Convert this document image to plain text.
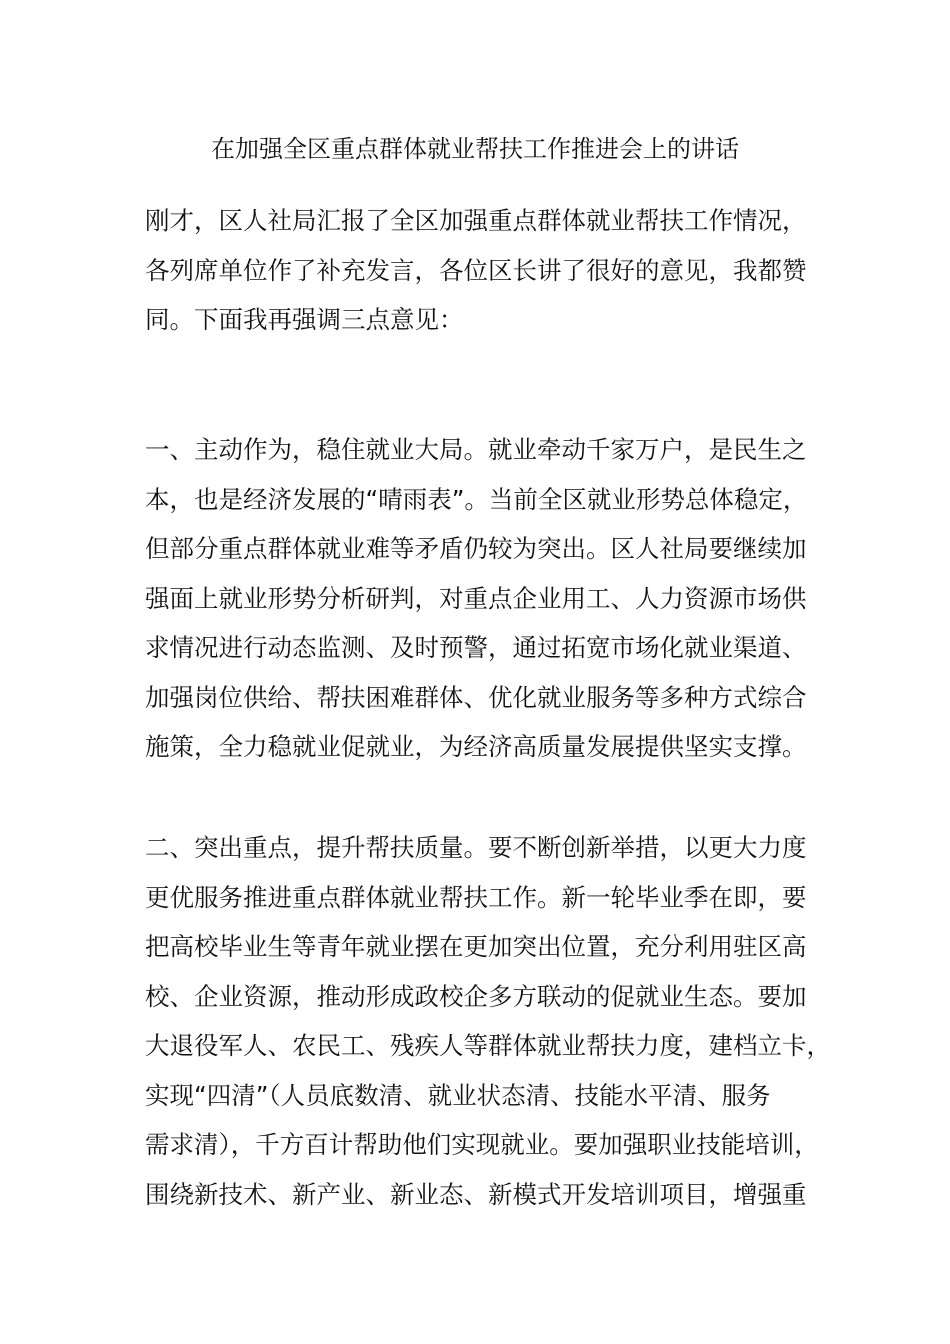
在加强全区重点群体就业帮扶工作推进会上的讲话
刚才，区人社局汇报了全区加强重点群体就业帮扶工作情况，
各列席单位作了补充发言，各位区长讲了很好的意见，我都赞
同。下面我再强调三点意见：
一、主动作为，稳住就业大局。就业牵动千家万户，是民生之
本，也是经济发展的“晴雨表”。当前全区就业形势总体稳定，
但部分重点群体就业难等矛盾仍较为突出。区人社局要继续加
强面上就业形势分析研判，对重点企业用工、人力资源市场供
求情况进行动态监测、及时预警，通过拓宽市场化就业渠道、
加强岗位供给、帮扶困难群体、优化就业服务等多种方式综合
施策，全力稳就业促就业，为经济高质量发展提供坚实支撑。
二、突出重点，提升帮扶质量。要不断创新举措，以更大力度
更优服务推进重点群体就业帮扶工作。新一轮毕业季在即，要
把高校毕业生等青年就业摆在更加突出位置，充分利用驻区高
校、企业资源，推动形成政校企多方联动的促就业生态。要加
大退役军人、农民工、残疾人等群体就业帮扶力度，建档立卡，
实现“四清”（人员底数清、就业状态清、技能水平清、服务
需求清），千方百计帮助他们实现就业。要加强职业技能培训，
围绕新技术、新产业、新业态、新模式开发培训项目，增强重
